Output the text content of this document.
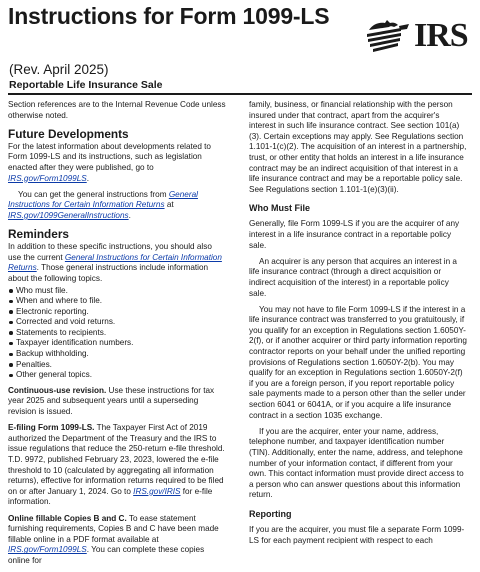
Instructions for Form 1099-LS
(Rev. April 2025)
Reportable Life Insurance Sale
IRS

Section references are to the Internal Revenue Code unless otherwise noted.

Future Developments

For the latest information about developments related to Form 1099-LS and its instructions, such as legislation enacted after they were published, go to IRS.gov/Form1099LS.

You can get the general instructions from General Instructions for Certain Information Returns at IRS.gov/1099GeneralInstructions.

Reminders

In addition to these specific instructions, you should also use the current General Instructions for Certain Information Returns. Those general instructions include information about the following topics.

Who must file.
When and where to file.
Electronic reporting.
Corrected and void returns.
Statements to recipients.
Taxpayer identification numbers.
Backup withholding.
Penalties.
Other general topics.

Continuous-use revision. Use these instructions for tax year 2025 and subsequent years until a superseding revision is issued.

E-filing Form 1099-LS. The Taxpayer First Act of 2019 authorized the Department of the Treasury and the IRS to issue regulations that reduce the 250-return e-file threshold. T.D. 9972, published February 23, 2023, lowered the e-file threshold to 10 (calculated by aggregating all information returns), effective for information returns required to be filed on or after January 1, 2024. Go to IRS.gov/IRIS for e-file information.

Online fillable Copies B and C. To ease statement furnishing requirements, Copies B and C have been made fillable online in a PDF format available at IRS.gov/Form1099LS. You can complete these copies online for

family, business, or financial relationship with the person insured under that contract, apart from the acquirer's interest in such life insurance contract. See section 101(a)(3). Certain exceptions may apply. See Regulations section 1.101-1(c)(2). The acquisition of an interest in a partnership, trust, or other entity that holds an interest in a life insurance contract may be an indirect acquisition of that interest in a life insurance contract and may be a reportable policy sale. See Regulations section 1.101-1(e)(3)(ii).

Who Must File

Generally, file Form 1099-LS if you are the acquirer of any interest in a life insurance contract in a reportable policy sale.

An acquirer is any person that acquires an interest in a life insurance contract (through a direct acquisition or indirect acquisition of the interest) in a reportable policy sale.

You may not have to file Form 1099-LS if the interest in a life insurance contract was transferred to you gratuitously, if you qualify for an exception in Regulations section 1.6050Y-2(f), or if another acquirer or third party information reporting contractor reports on your behalf under the unified reporting provisions of Regulations section 1.6050Y-2(b). You may qualify for an exception in Regulations section 1.6050Y-2(f) if you are a foreign person, if you report reportable policy sale payments made to a person other than the seller under section 6041 or 6041A, or if you acquire a life insurance contract in a section 1035 exchange.

If you are the acquirer, enter your name, address, telephone number, and taxpayer identification number (TIN). Additionally, enter the name, address, and telephone number of your information contact, if different from your own. This contact information must provide direct access to a person who can answer questions about this information return.

Reporting

If you are the acquirer, you must file a separate Form 1099-LS for each payment recipient with respect to each
